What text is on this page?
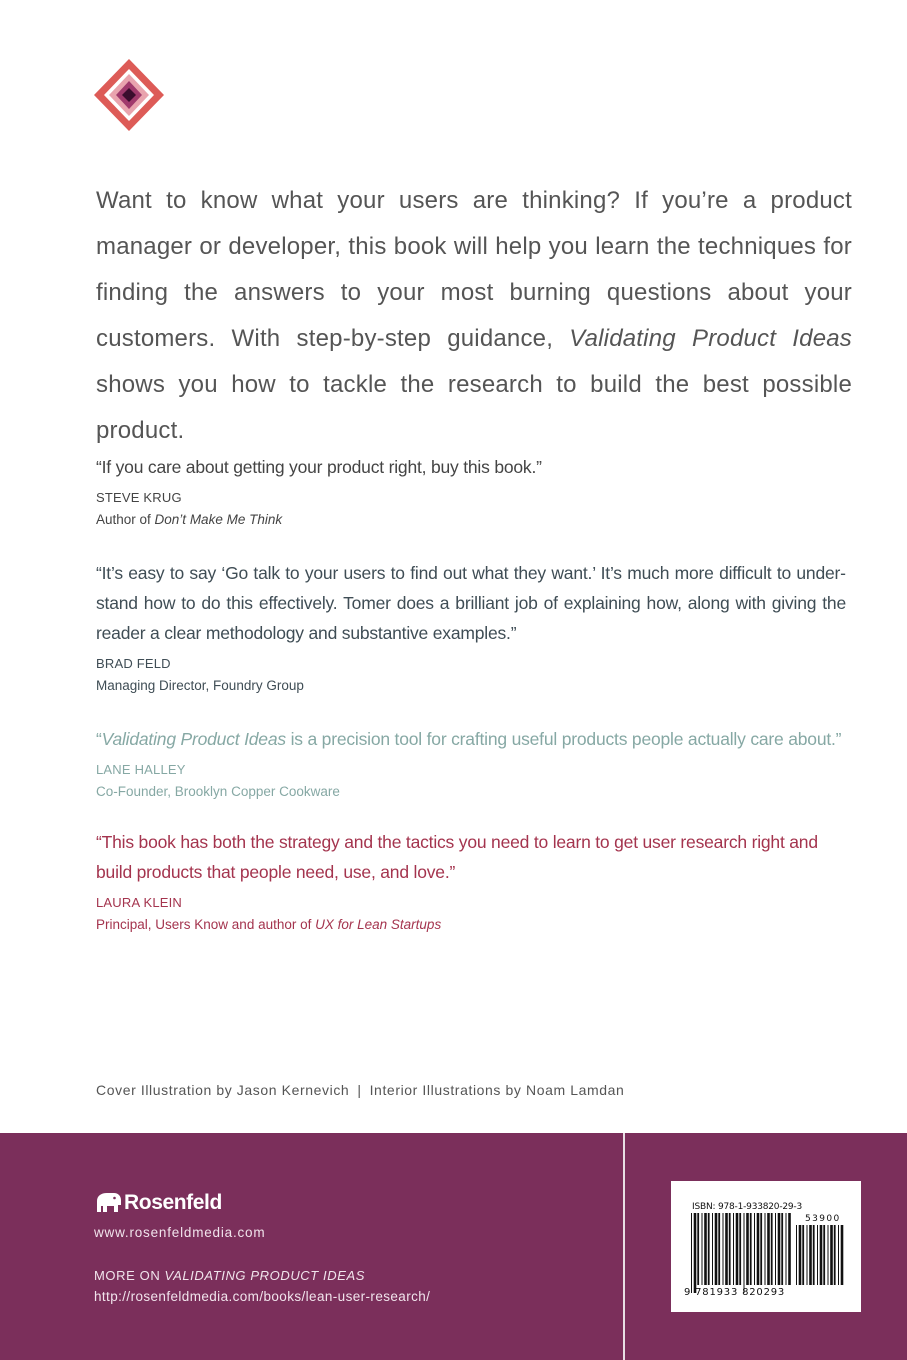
Want to know what your users are thinking? If you’re a product manager or developer, this book will help you learn the techniques for finding the answers to your most burning questions about your customers. With step-by-step guidance, Validating Product Ideas shows you how to tackle the research to build the best possible product.

“If you care about getting your product right, buy this book.”

STEVE KRUG

Author of Don’t Make Me Think

“It’s easy to say ‘Go talk to your users to find out what they want.’ It’s much more difficult to understand how to do this effectively. Tomer does a brilliant job of explaining how, along with giving the reader a clear methodology and substantive examples.”

BRAD FELD

Managing Director, Foundry Group

“Validating Product Ideas is a precision tool for crafting useful products people actually care about.”

LANE HALLEY

Co-Founder, Brooklyn Copper Cookware

“This book has both the strategy and the tactics you need to learn to get user research right and build products that people need, use, and love.”

LAURA KLEIN

Principal, Users Know and author of UX for Lean Startups

Cover Illustration by Jason Kernevich | Interior Illustrations by Noam Lamdan

Rosenfeld

www.rosenfeldmedia.com

MORE ON VALIDATING PRODUCT IDEAS

http://rosenfeldmedia.com/books/lean-user-research/

ISBN: 978-1-933820-29-3

53900

9 781933 820293
